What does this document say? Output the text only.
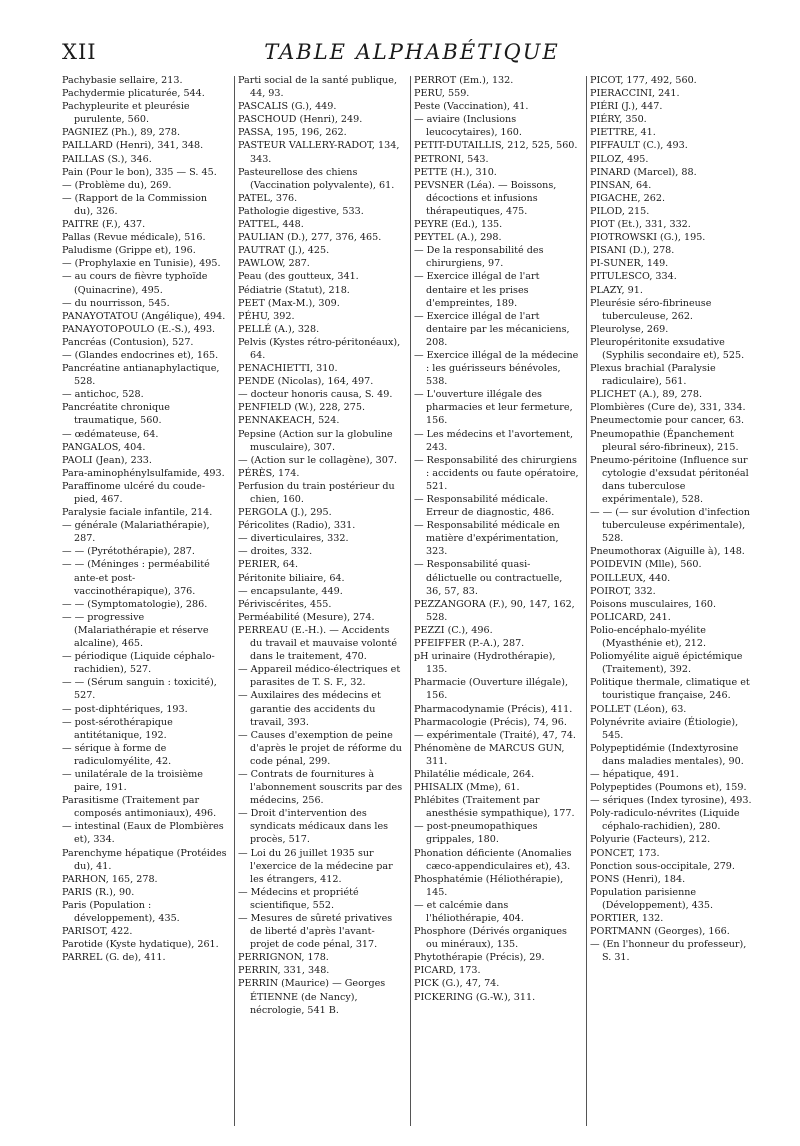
XII	TABLE ALPHABÉTIQUE

Pachybasie sellaire, 213.

Pachydermie plicaturée, 544.

Pachypleurite et pleurésie purulente, 560.

PAGNIEZ (Ph.), 89, 278.

PAILLARD (Henri), 341, 348.

PAILLAS (S.), 346.

Pain (Pour le bon), 335 — S. 45.

— (Problème du), 269.

— (Rapport de la Commission du), 326.

PAITRE (F.), 437.

Pallas (Revue médicale), 516.

Paludisme (Grippe et), 196.

— (Prophylaxie en Tunisie), 495.

— au cours de fièvre typhoïde (Quinacrine), 495.

— du nourrisson, 545.

PANAYOTATOU (Angélique), 494.

PANAYOTOPOULO (E.-S.), 493.

Pancréas (Contusion), 527.

— (Glandes endocrines et), 165.

Pancréatine antianaphylactique, 528.

— antichoc, 528.

Pancréatite chronique traumatique, 560.

— œdémateuse, 64.

PANGALOS, 404.

PAOLI (Jean), 233.

Para-aminophénylsulfamide, 493.

Paraffinome ulcéré du coude-pied, 467.

Paralysie faciale infantile, 214.

— générale (Malariathérapie), 287.

— — (Pyrétothérapie), 287.

— — (Méninges : perméabilité ante-et post-vaccinothérapique), 376.

— — (Symptomatologie), 286.

— — progressive (Malariathérapie et réserve alcaline), 465.

— périodique (Liquide céphalo-rachidien), 527.

— — (Sérum sanguin : toxicité), 527.

— post-diphtériques, 193.

— post-sérothérapique antitétanique, 192.

— sérique à forme de radiculomyélite, 42.

— unilatérale de la troisième paire, 191.

Parasitisme (Traitement par composés antimoniaux), 496.

— intestinal (Eaux de Plombières et), 334.

Parenchyme hépatique (Protéides du), 41.

PARHON, 165, 278.

PARIS (R.), 90.

Paris (Population : développement), 435.

PARISOT, 422.

Parotide (Kyste hydatique), 261.

PARREL (G. de), 411.

Parti social de la santé publique, 44, 93.

PASCALIS (G.), 449.

PASCHOUD (Henri), 249.

PASSA, 195, 196, 262.

PASTEUR VALLERY-RADOT, 134, 343.

Pasteurellose des chiens (Vaccination polyvalente), 61.

PATEL, 376.

Pathologie digestive, 533.

PATTEL, 448.

PAULIAN (D.), 277, 376, 465.

PAUTRAT (J.), 425.

PAWLOW, 287.

Peau (des goutteux, 341.

Pédiatrie (Statut), 218.

PEET (Max-M.), 309.

PÉHU, 392.

PELLÉ (A.), 328.

Pelvis (Kystes rétro-péritonéaux), 64.

PENACHIETTI, 310.

PENDE (Nicolas), 164, 497.

— docteur honoris causa, S. 49.

PENFIELD (W.), 228, 275.

PENNAKEACH, 524.

Pepsine (Action sur la globuline musculaire), 307.

— (Action sur le collagène), 307.

PÉRÈS, 174.

Perfusion du train postérieur du chien, 160.

PERGOLA (J.), 295.

Péricolites (Radio), 331.

— diverticulaires, 332.

— droites, 332.

PERIER, 64.

Péritonite biliaire, 64.

— encapsulante, 449.

Périviscérites, 455.

Perméabilité (Mesure), 274.

PERREAU (E.-H.). — Accidents du travail et mauvaise volonté dans le traitement, 470.

— Appareil médico-électriques et parasites de T. S. F., 32.

— Auxilaires des médecins et garantie des accidents du travail, 393.

— Causes d'exemption de peine d'après le projet de réforme du code pénal, 299.

— Contrats de fournitures à l'abonnement souscrits par des médecins, 256.

— Droit d'intervention des syndicats médicaux dans les procès, 517.

— Loi du 26 juillet 1935 sur l'exercice de la médecine par les étrangers, 412.

— Médecins et propriété scientifique, 552.

— Mesures de sûreté privatives de liberté d'après l'avant-projet de code pénal, 317.

PERRIGNON, 178.

PERRIN, 331, 348.

PERRIN (Maurice) — Georges ÉTIENNE (de Nancy), nécrologie, 541 B.

PERROT (Em.), 132.

PERU, 559.

Peste (Vaccination), 41.

— aviaire (Inclusions leucocytaires), 160.

PETIT-DUTAILLIS, 212, 525, 560.

PETRONI, 543.

PETTE (H.), 310.

PEVSNER (Léa). — Boissons, décoctions et infusions thérapeutiques, 475.

PEYRE (Ed.), 135.

PEYTEL (A.), 298.

— De la responsabilité des chirurgiens, 97.

— Exercice illégal de l'art dentaire et les prises d'empreintes, 189.

— Exercice illégal de l'art dentaire par les mécaniciens, 208.

— Exercice illégal de la médecine : les guérisseurs bénévoles, 538.

— L'ouverture illégale des pharmacies et leur fermeture, 156.

— Les médecins et l'avortement, 243.

— Responsabilité des chirurgiens : accidents ou faute opératoire, 521.

— Responsabilité médicale. Erreur de diagnostic, 486.

— Responsabilité médicale en matière d'expérimentation, 323.

— Responsabilité quasi-délictuelle ou contractuelle, 36, 57, 83.

PEZZANGORA (F.), 90, 147, 162, 528.

PEZZI (C.), 496.

PFEIFFER (P.-A.), 287.

pH urinaire (Hydrothérapie), 135.

Pharmacie (Ouverture illégale), 156.

Pharmacodynamie (Précis), 411.

Pharmacologie (Précis), 74, 96.

— expérimentale (Traité), 47, 74.

Phénomène de MARCUS GUN, 311.

Philatélie médicale, 264.

PHISALIX (Mme), 61.

Phlébites (Traitement par anesthésie sympathique), 177.

— post-pneumopathiques grippales, 180.

Phonation déficiente (Anomalies cæco-appendiculaires et), 43.

Phosphatémie (Héliothérapie), 145.

— et calcémie dans l'héliothérapie, 404.

Phosphore (Dérivés organiques ou minéraux), 135.

Phytothérapie (Précis), 29.

PICARD, 173.

PICK (G.), 47, 74.

PICKERING (G.-W.), 311.

PICOT, 177, 492, 560.

PIERACCINI, 241.

PIÉRI (J.), 447.

PIÉRY, 350.

PIETTRE, 41.

PIFFAULT (C.), 493.

PILOZ, 495.

PINARD (Marcel), 88.

PINSAN, 64.

PIGACHE, 262.

PILOD, 215.

PIOT (Et.), 331, 332.

PIOTROWSKI (G.), 195.

PISANI (D.), 278.

PI-SUNER, 149.

PITULESCO, 334.

PLAZY, 91.

Pleurésie séro-fibrineuse tuberculeuse, 262.

Pleurolyse, 269.

Pleuropéritonite exsudative (Syphilis secondaire et), 525.

Plexus brachial (Paralysie radiculaire), 561.

PLICHET (A.), 89, 278.

Plombières (Cure de), 331, 334.

Pneumectomie pour cancer, 63.

Pneumopathie (Épanchement pleural séro-fibrineux), 215.

Pneumo-péritoine (Influence sur cytologie d'exsudat péritonéal dans tuberculose expérimentale), 528.

— — (— sur évolution d'infection tuberculeuse expérimentale), 528.

Pneumothorax (Aiguille à), 148.

POIDEVIN (Mlle), 560.

POILLEUX, 440.

POIROT, 332.

Poisons musculaires, 160.

POLICARD, 241.

Polio-encéphalo-myélite (Myasthénie et), 212.

Poliomyélite aiguë épictémique (Traitement), 392.

Politique thermale, climatique et touristique française, 246.

POLLET (Léon), 63.

Polynévrite aviaire (Étiologie), 545.

Polypeptidémie (Indextyrosine dans maladies mentales), 90.

— hépatique, 491.

Polypeptides (Poumons et), 159.

— sériques (Index tyrosine), 493.

Poly-radiculo-névrites (Liquide céphalo-rachidien), 280.

Polyurie (Facteurs), 212.

PONCET, 173.

Ponction sous-occipitale, 279.

PONS (Henri), 184.

Population parisienne (Développement), 435.

PORTIER, 132.

PORTMANN (Georges), 166.

— (En l'honneur du professeur), S. 31.
